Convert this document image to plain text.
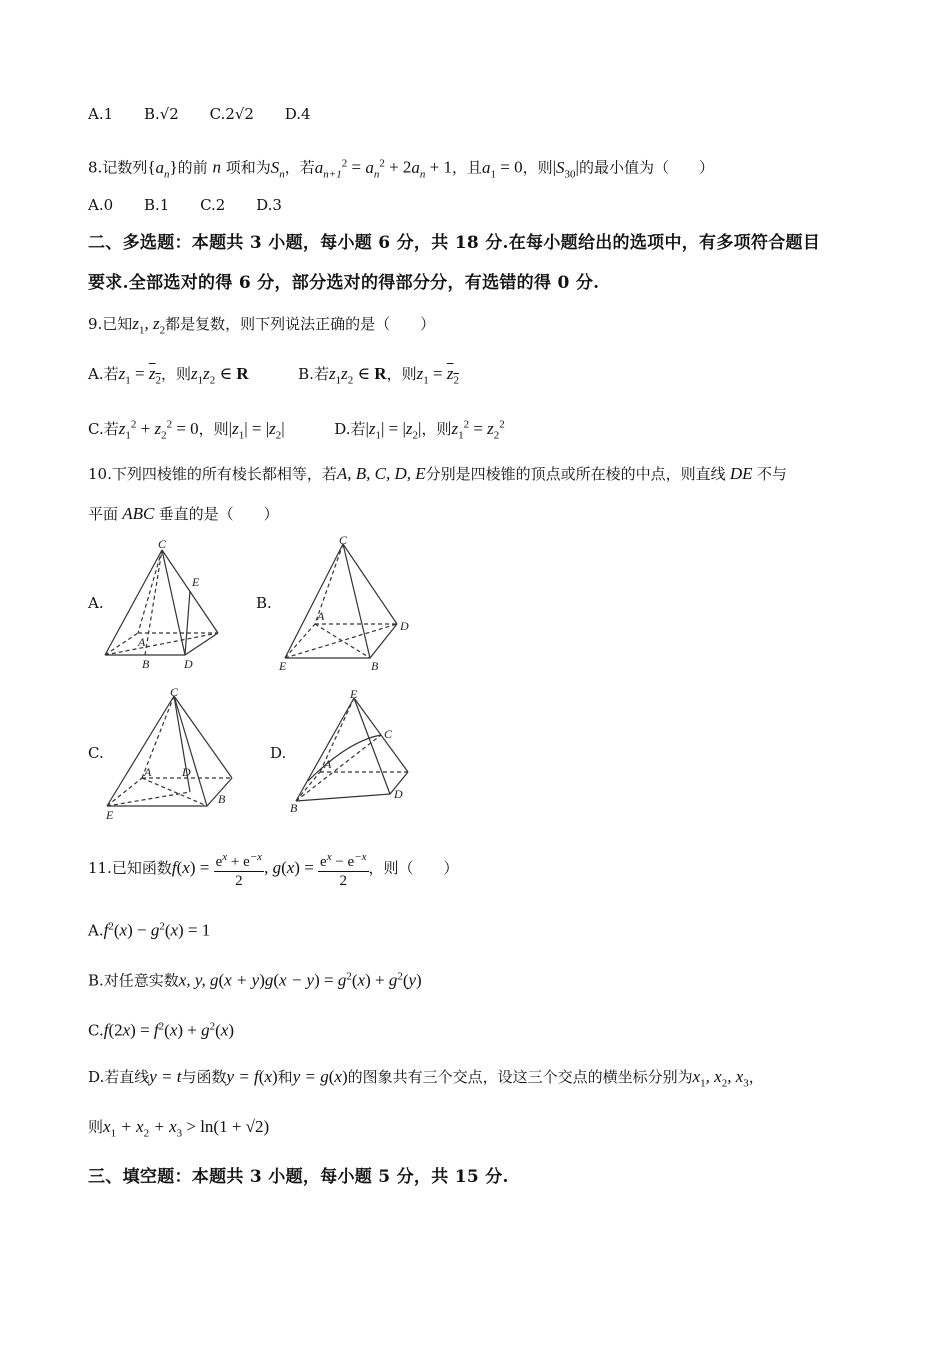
A.1 B.√2 C.2√2 D.4
8.记数列$\{a_n\}$的前 n 项和为$S_n$，若$a_{n+1}^2 = a_n^2 + 2a_n + 1$，且$a_1 = 0$，则$|S_{30}|$的最小值为（　　）
A.0 B.1 C.2 D.3
二、多选题：本题共 3 小题，每小题 6 分，共 18 分.在每小题给出的选项中，有多项符合题目
要求.全部选对的得 6 分，部分选对的得部分分，有选错的得 0 分.
9.已知$z_1$, $z_2$都是复数，则下列说法正确的是（　　）
A.若$z_1 = z_2$，则$z_1z_2$ ∈ R	B.若$z_1z_2$ ∈ R，则$z_1 = z_2$
C.若$z_1^2 + z_2^2 = 0$，则$|z_1| = |z_2|$	D.若$|z_1| = |z_2|$，则$z_1^2 = z_2^2$
10.下列四棱锥的所有棱长都相等，若A, B, C, D, E分别是四棱锥的顶点或所在棱的中点，则直线 DE 不与
平面 ABC 垂直的是（　　）
A.
C
E
B	D
A
B.
C
D
E	B
A
C.
C
D
A
B
E
D.
E
C
D
B
A
11.已知函数$f(x) = \frac{e^x + e^{-x}}{2}$ , $g(x) = \frac{e^x - e^{-x}}{2}$ ，则（　　）
$A.f^2(x) - g^2(x) = 1$
B.对任意实数x, y, $g(x + y)g(x - y) = g^2(x) + g^2(y)$
$C.f(2x) = f^2(x) + g^2(x)$
D.若直线y = t与函数y = f(x)和y = g(x)的图象共有三个交点，设这三个交点的横坐标分别为$x_1$, $x_2$, $x_3$，
则$x_1 + x_2 + x_3 > \ln(1 + √2)$
三、填空题：本题共 3 小题，每小题 5 分，共 15 分.
